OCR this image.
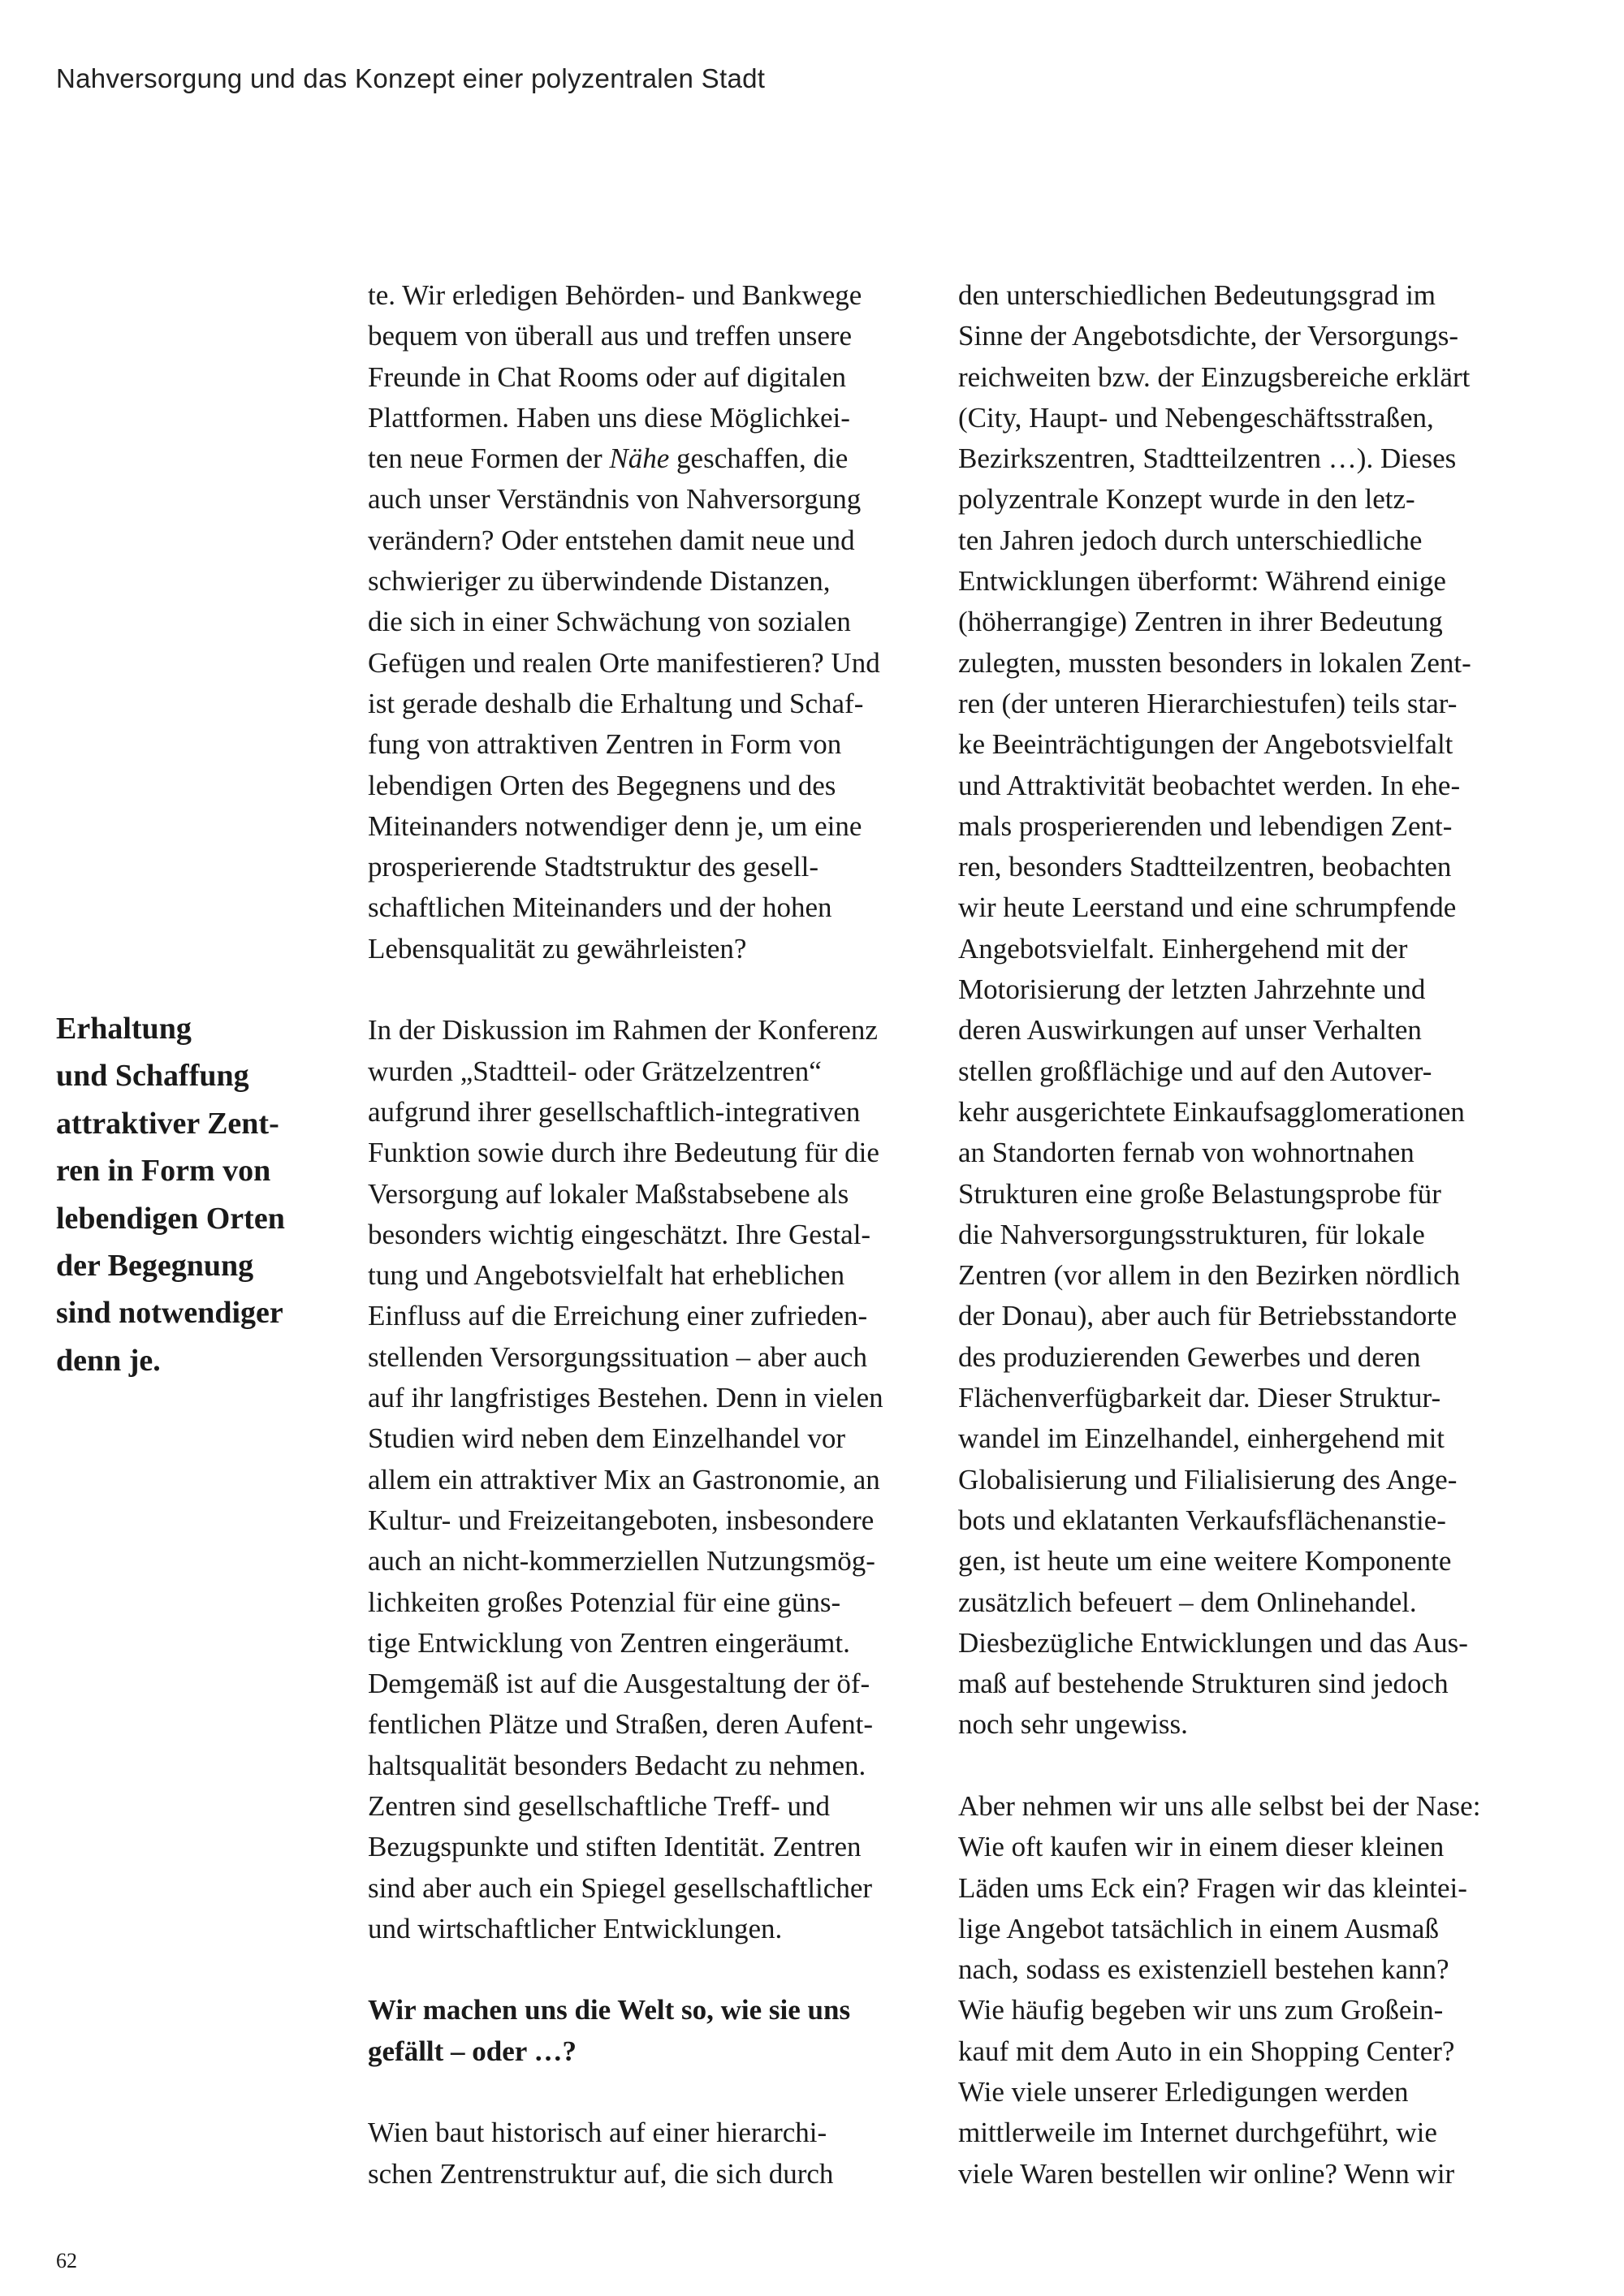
Nahversorgung und das Konzept einer polyzentralen Stadt
Erhaltung
und Schaffung
attraktiver Zent-
ren in Form von
lebendigen Orten
der Begegnung
sind notwendiger
denn je.
te. Wir erledigen Behörden- und Bankwege
bequem von überall aus und treffen unsere
Freunde in Chat Rooms oder auf digitalen
Plattformen. Haben uns diese Möglichkei-
ten neue Formen der Nähe geschaffen, die
auch unser Verständnis von Nahversorgung
verändern? Oder entstehen damit neue und
schwieriger zu überwindende Distanzen,
die sich in einer Schwächung von sozialen
Gefügen und realen Orte manifestieren? Und
ist gerade deshalb die Erhaltung und Schaf-
fung von attraktiven Zentren in Form von
lebendigen Orten des Begegnens und des
Miteinanders notwendiger denn je, um eine
prosperierende Stadtstruktur des gesell-
schaftlichen Miteinanders und der hohen
Lebensqualität zu gewährleisten?
In der Diskussion im Rahmen der Konferenz
wurden „Stadtteil- oder Grätzelzentren“
aufgrund ihrer gesellschaftlich-integrativen
Funktion sowie durch ihre Bedeutung für die
Versorgung auf lokaler Maßstabsebene als
besonders wichtig eingeschätzt. Ihre Gestal-
tung und Angebotsvielfalt hat erheblichen
Einfluss auf die Erreichung einer zufrieden-
stellenden Versorgungssituation – aber auch
auf ihr langfristiges Bestehen. Denn in vielen
Studien wird neben dem Einzelhandel vor
allem ein attraktiver Mix an Gastronomie, an
Kultur- und Freizeitangeboten, insbesondere
auch an nicht-kommerziellen Nutzungsmög-
lichkeiten großes Potenzial für eine güns-
tige Entwicklung von Zentren eingeräumt.
Demgemäß ist auf die Ausgestaltung der öf-
fentlichen Plätze und Straßen, deren Aufent-
haltsqualität besonders Bedacht zu nehmen.
Zentren sind gesellschaftliche Treff- und
Bezugspunkte und stiften Identität. Zentren
sind aber auch ein Spiegel gesellschaftlicher
und wirtschaftlicher Entwicklungen.
Wir machen uns die Welt so, wie sie uns
gefällt – oder …?
Wien baut historisch auf einer hierarchi-
schen Zentrenstruktur auf, die sich durch
den unterschiedlichen Bedeutungsgrad im
Sinne der Angebotsdichte, der Versorgungs-
reichweiten bzw. der Einzugsbereiche erklärt
(City, Haupt- und Nebengeschäftsstraßen,
Bezirkszentren, Stadtteilzentren …). Dieses
polyzentrale Konzept wurde in den letz-
ten Jahren jedoch durch unterschiedliche
Entwicklungen überformt: Während einige
(höherrangige) Zentren in ihrer Bedeutung
zulegten, mussten besonders in lokalen Zent-
ren (der unteren Hierarchiestufen) teils star-
ke Beeinträchtigungen der Angebotsvielfalt
und Attraktivität beobachtet werden. In ehe-
mals prosperierenden und lebendigen Zent-
ren, besonders Stadtteilzentren, beobachten
wir heute Leerstand und eine schrumpfende
Angebotsvielfalt. Einhergehend mit der
Motorisierung der letzten Jahrzehnte und
deren Auswirkungen auf unser Verhalten
stellen großflächige und auf den Autover-
kehr ausgerichtete Einkaufsagglomerationen
an Standorten fernab von wohnortnahen
Strukturen eine große Belastungsprobe für
die Nahversorgungsstrukturen, für lokale
Zentren (vor allem in den Bezirken nördlich
der Donau), aber auch für Betriebsstandorte
des produzierenden Gewerbes und deren
Flächenverfügbarkeit dar. Dieser Struktur-
wandel im Einzelhandel, einhergehend mit
Globalisierung und Filialisierung des Ange-
bots und eklatanten Verkaufsflächenanstie-
gen, ist heute um eine weitere Komponente
zusätzlich befeuert – dem Onlinehandel.
Diesbezügliche Entwicklungen und das Aus-
maß auf bestehende Strukturen sind jedoch
noch sehr ungewiss.
Aber nehmen wir uns alle selbst bei der Nase:
Wie oft kaufen wir in einem dieser kleinen
Läden ums Eck ein? Fragen wir das kleintei-
lige Angebot tatsächlich in einem Ausmaß
nach, sodass es existenziell bestehen kann?
Wie häufig begeben wir uns zum Großein-
kauf mit dem Auto in ein Shopping Center?
Wie viele unserer Erledigungen werden
mittlerweile im Internet durchgeführt, wie
viele Waren bestellen wir online? Wenn wir
62
